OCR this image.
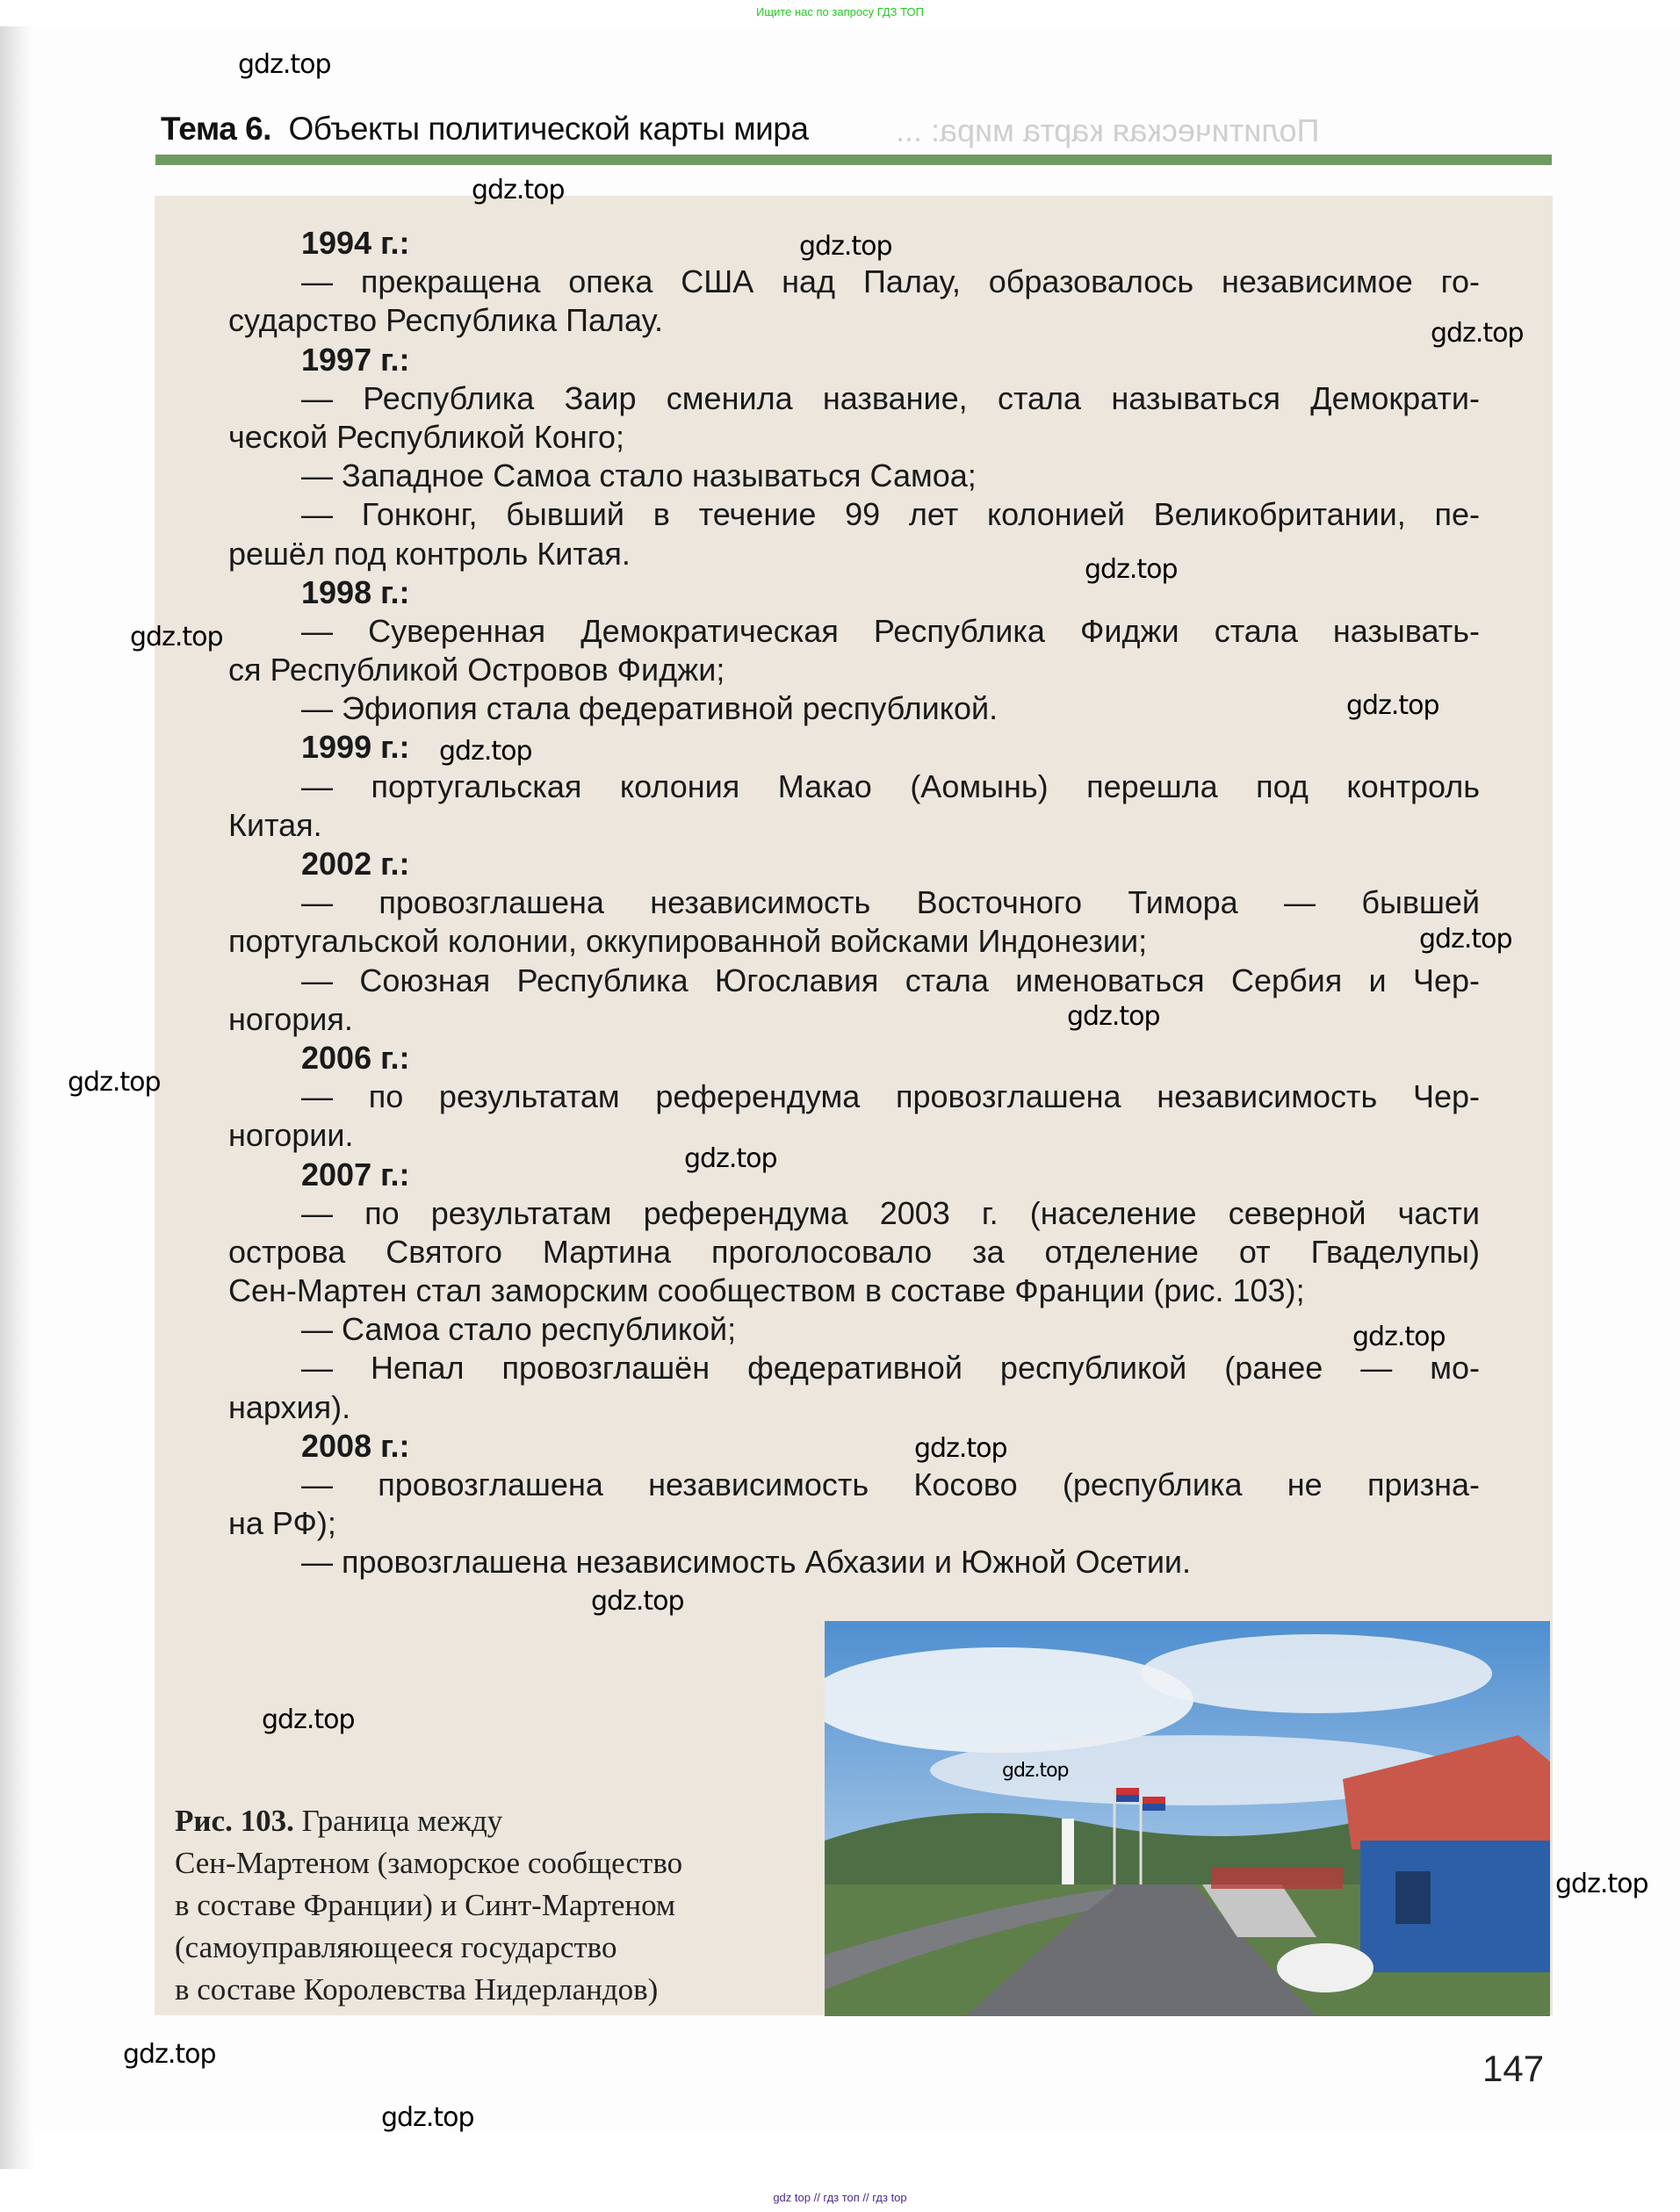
Ищите нас по запросу ГДЗ ТОП
Политическая карта мира: ...
Тема 6. Объекты политической карты мира
1994 г.:
— прекращена опека США над Палау, образовалось независимое го-
сударство Республика Палау.
1997 г.:
— Республика Заир сменила название, стала называться Демократи-
ческой Республикой Конго;
— Западное Самоа стало называться Самоа;
— Гонконг, бывший в течение 99 лет колонией Великобритании, пе-
решёл под контроль Китая.
1998 г.:
— Суверенная Демократическая Республика Фиджи стала называть-
ся Республикой Островов Фиджи;
— Эфиопия стала федеративной республикой.
1999 г.:
— португальская колония Макао (Аомынь) перешла под контроль
Китая.
2002 г.:
— провозглашена независимость Восточного Тимора — бывшей
португальской колонии, оккупированной войсками Индонезии;
— Союзная Республика Югославия стала именоваться Сербия и Чер-
ногория.
2006 г.:
— по результатам референдума провозглашена независимость Чер-
ногории.
2007 г.:
— по результатам референдума 2003 г. (население северной части
острова Святого Мартина проголосовало за отделение от Гваделупы)
Сен-Мартен стал заморским сообществом в составе Франции (рис. 103);
— Самоа стало республикой;
— Непал провозглашён федеративной республикой (ранее — мо-
нархия).
2008 г.:
— провозглашена независимость Косово (республика не призна-
на РФ);
— провозглашена независимость Абхазии и Южной Осетии.
Рис. 103. Граница между
Сен-Мартеном (заморское сообщество
в составе Франции) и Синт-Мартеном
(самоуправляющееся государство
в составе Королевства Нидерландов)
147
gdz.top
gdz.top
gdz.top
gdz.top
gdz.top
gdz.top
gdz.top
gdz.top
gdz.top
gdz.top
gdz.top
gdz.top
gdz.top
gdz.top
gdz.top
gdz.top
gdz.top
gdz.top
gdz.top
gdz.top
gdz top // гдз топ // гдз top
